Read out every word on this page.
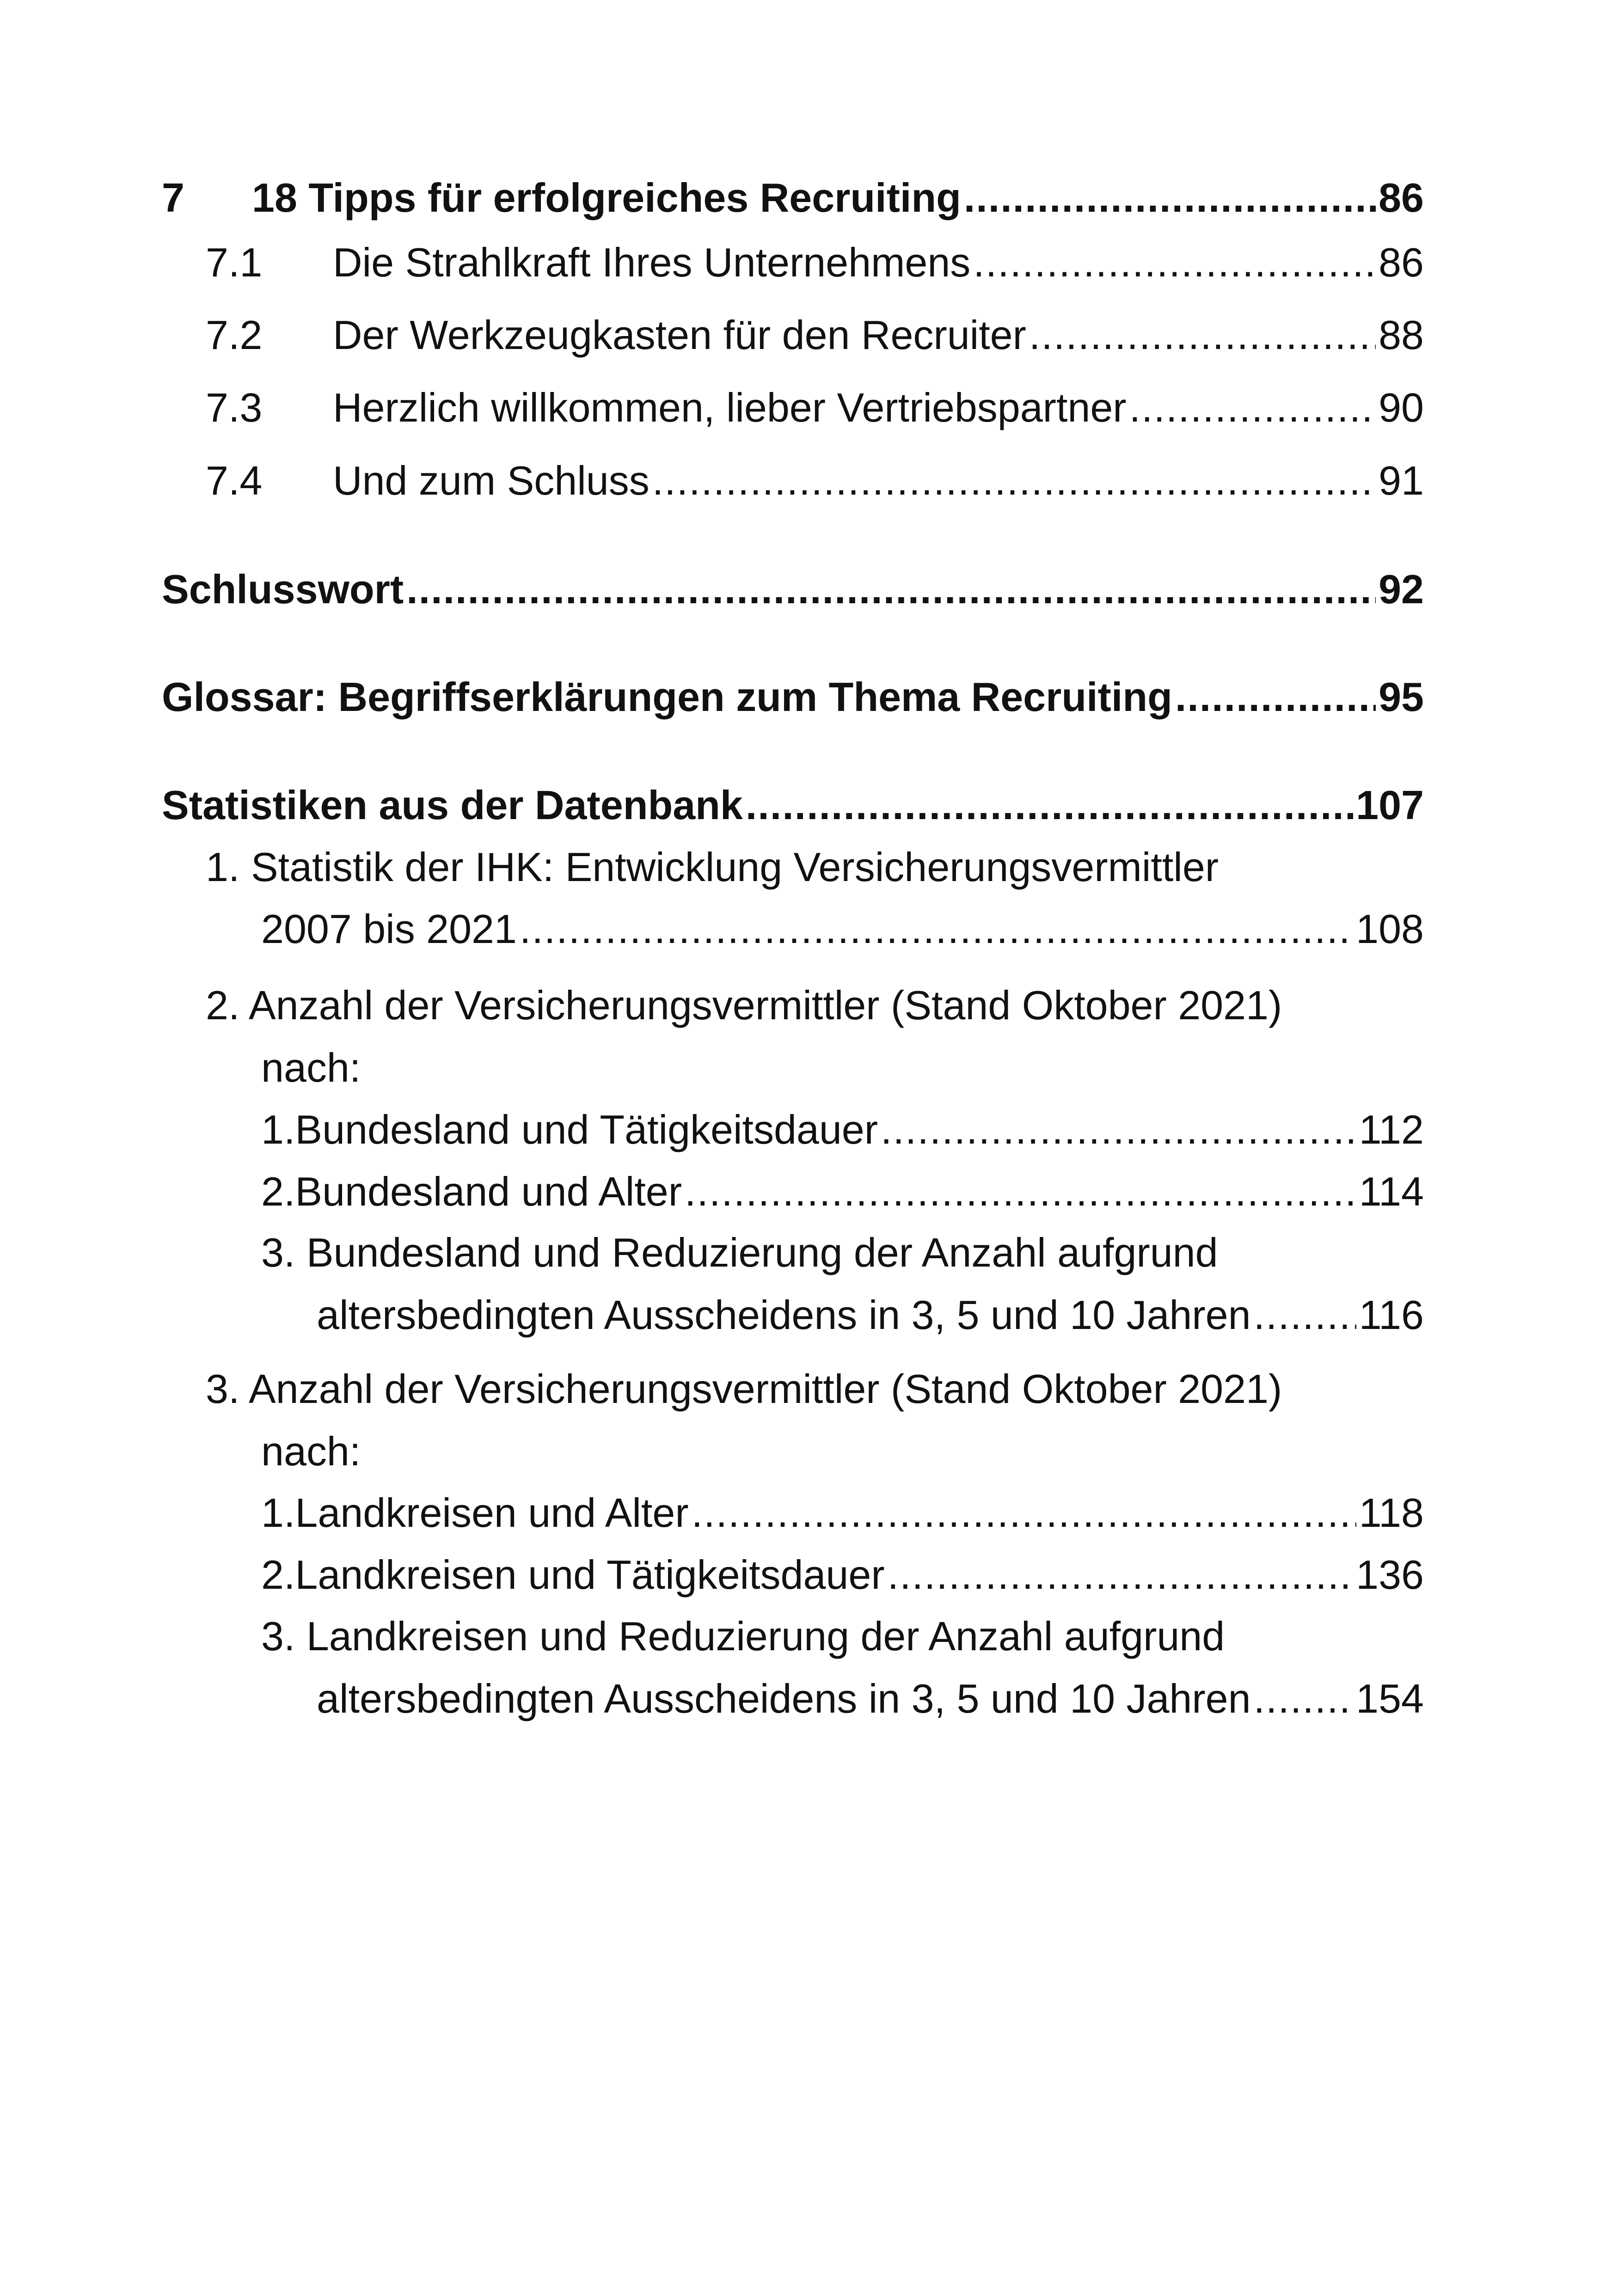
7	18 Tipps für erfolgreiches Recruiting .....	86
7.1	Die Strahlkraft Ihres Unternehmens .....	86
7.2	Der Werkzeugkasten für den Recruiter .....	88
7.3	Herzlich willkommen, lieber Vertriebspartner .....	90
7.4	Und zum Schluss .....	91
Schlusswort .....	92
Glossar: Begriffserklärungen zum Thema Recruiting .....	95
Statistiken aus der Datenbank .....	107
1. Statistik der IHK: Entwicklung Versicherungsvermittler
2007 bis 2021 .....	108
2. Anzahl der Versicherungsvermittler (Stand Oktober 2021)
nach:
1.Bundesland und Tätigkeitsdauer .....	112
2.Bundesland und Alter .....	114
3. Bundesland und Reduzierung der Anzahl aufgrund
altersbedingten Ausscheidens in 3, 5 und 10 Jahren .....	116
3. Anzahl der Versicherungsvermittler (Stand Oktober 2021)
nach:
1.Landkreisen und Alter .....	118
2.Landkreisen und Tätigkeitsdauer .....	136
3. Landkreisen und Reduzierung der Anzahl aufgrund
altersbedingten Ausscheidens in 3, 5 und 10 Jahren .....	154
